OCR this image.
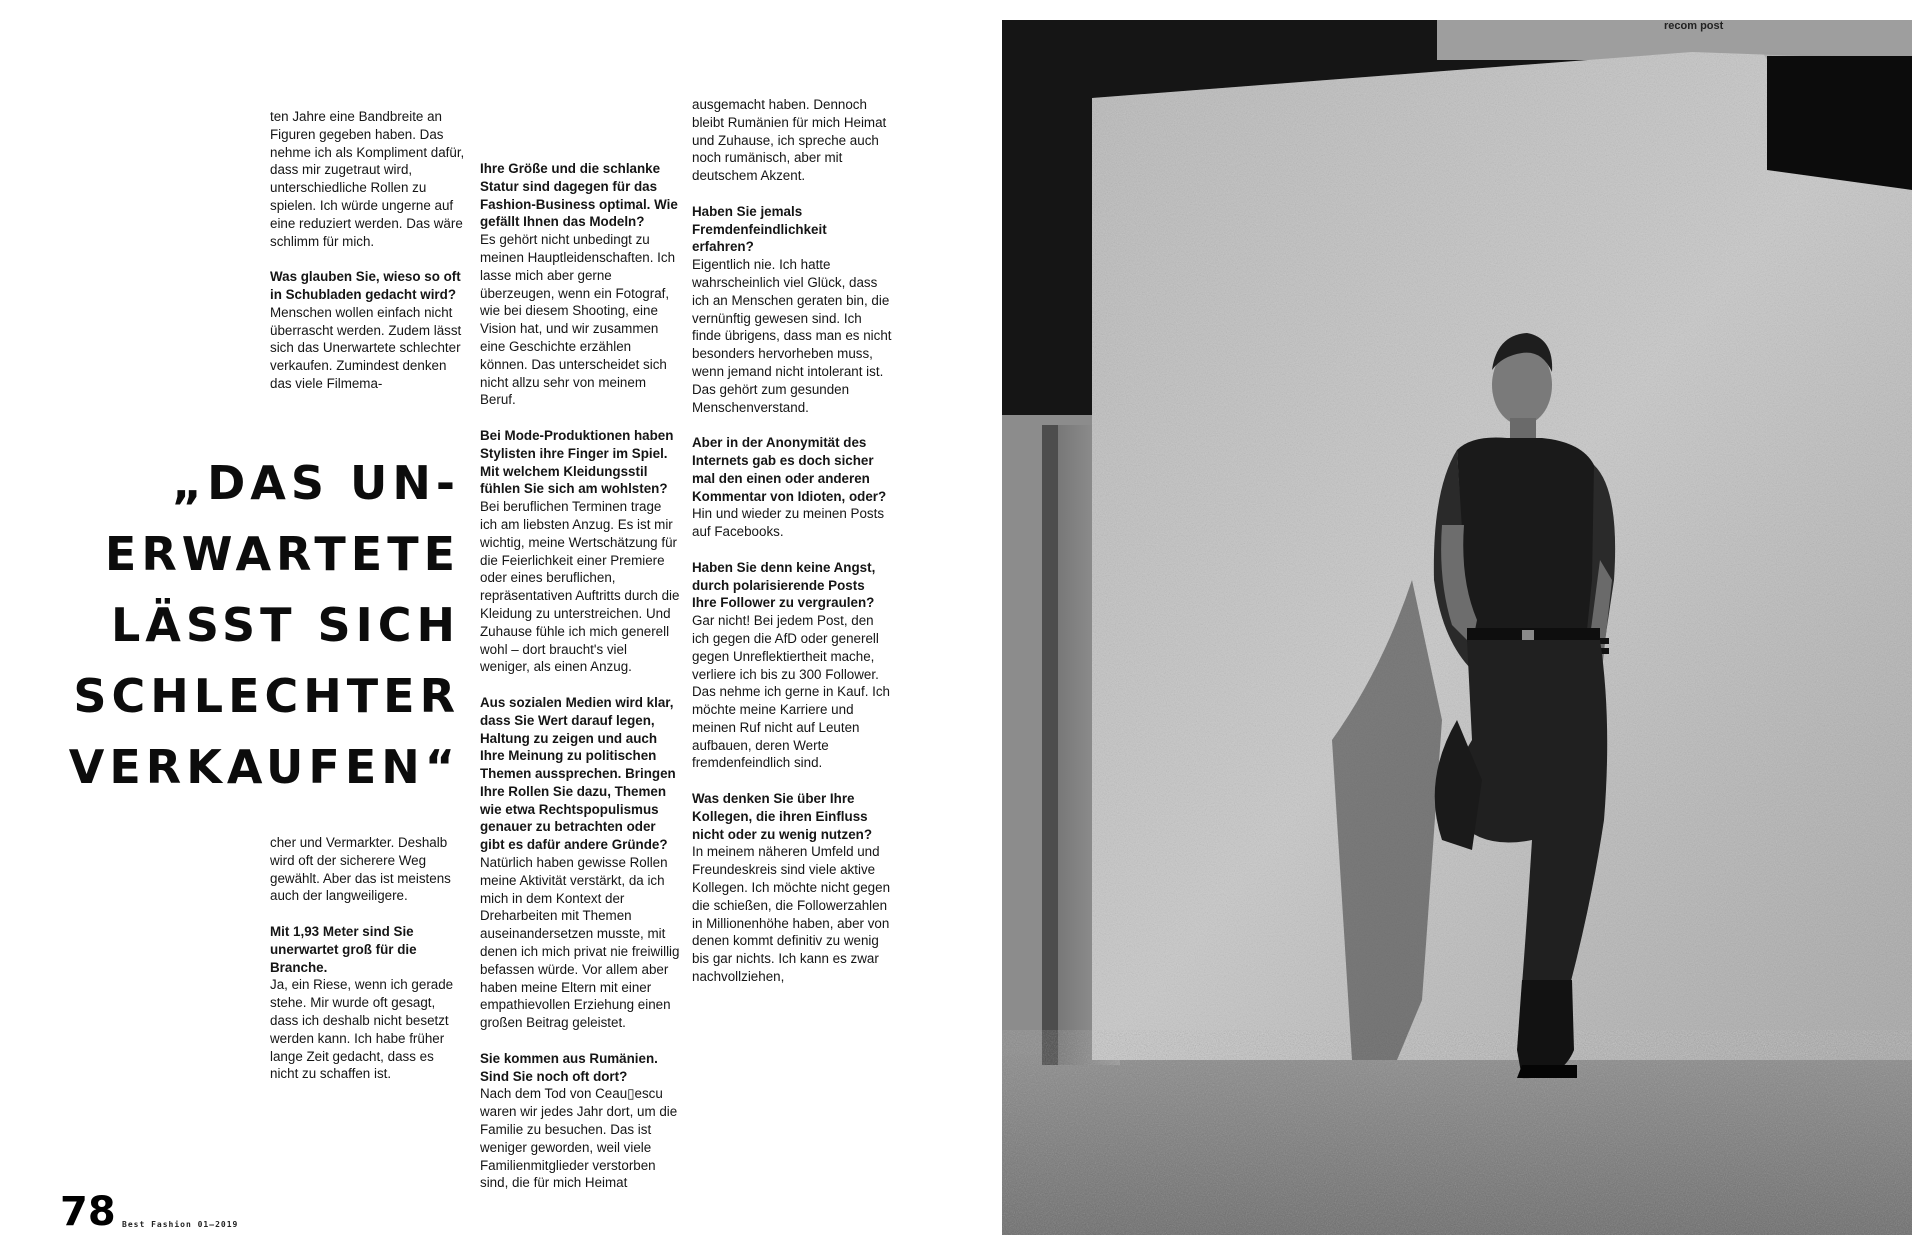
ten Jahre eine Bandbreite an Figuren gegeben haben. Das nehme ich als Kompliment dafür, dass mir zugetraut wird, unterschiedliche Rollen zu spielen. Ich würde ungerne auf eine reduziert werden. Das wäre schlimm für mich.

Was glauben Sie, wieso so oft in Schubladen gedacht wird?
Menschen wollen einfach nicht überrascht werden. Zudem lässt sich das Unerwartete schlechter verkaufen. Zumindest denken das viele Filmema-

„DAS UN-
ERWARTETE
LÄSST SICH
SCHLECHTER
VERKAUFEN“

cher und Vermarkter. Deshalb wird oft der sicherere Weg gewählt. Aber das ist meistens auch der langweiligere.

Mit 1,93 Meter sind Sie unerwartet groß für die Branche.
Ja, ein Riese, wenn ich gerade stehe. Mir wurde oft gesagt, dass ich deshalb nicht besetzt werden kann. Ich habe früher lange Zeit gedacht, dass es nicht zu schaffen ist.

Ihre Größe und die schlanke Statur sind dagegen für das Fashion-Business optimal. Wie gefällt Ihnen das Modeln?
Es gehört nicht unbedingt zu meinen Hauptleidenschaften. Ich lasse mich aber gerne überzeugen, wenn ein Fotograf, wie bei diesem Shooting, eine Vision hat, und wir zusammen eine Geschichte erzählen können. Das unterscheidet sich nicht allzu sehr von meinem Beruf.

Bei Mode-Produktionen haben Stylisten ihre Finger im Spiel. Mit welchem Kleidungsstil fühlen Sie sich am wohlsten?
Bei beruflichen Terminen trage ich am liebsten Anzug. Es ist mir wichtig, meine Wertschätzung für die Feierlichkeit einer Premiere oder eines beruflichen, repräsentativen Auftritts durch die Kleidung zu unterstreichen. Und Zuhause fühle ich mich generell wohl – dort braucht's viel weniger, als einen Anzug.

Aus sozialen Medien wird klar, dass Sie Wert darauf legen, Haltung zu zeigen und auch Ihre Meinung zu politischen Themen aussprechen. Bringen Ihre Rollen Sie dazu, Themen wie etwa Rechtspopulismus genauer zu betrachten oder gibt es dafür andere Gründe?
Natürlich haben gewisse Rollen meine Aktivität verstärkt, da ich mich in dem Kontext der Dreharbeiten mit Themen auseinandersetzen musste, mit denen ich mich privat nie freiwillig befassen würde. Vor allem aber haben meine Eltern mit einer empathievollen Erziehung einen großen Beitrag geleistet.

Sie kommen aus Rumänien. Sind Sie noch oft dort?
Nach dem Tod von Ceau▯escu waren wir jedes Jahr dort, um die Familie zu besuchen. Das ist weniger geworden, weil viele Familienmitglieder verstorben sind, die für mich Heimat

ausgemacht haben. Dennoch bleibt Rumänien für mich Heimat und Zuhause, ich spreche auch noch rumänisch, aber mit deutschem Akzent.

Haben Sie jemals Fremdenfeindlichkeit erfahren?
Eigentlich nie. Ich hatte wahrscheinlich viel Glück, dass ich an Menschen geraten bin, die vernünftig gewesen sind. Ich finde übrigens, dass man es nicht besonders hervorheben muss, wenn jemand nicht intolerant ist. Das gehört zum gesunden Menschenverstand.

Aber in der Anonymität des Internets gab es doch sicher mal den einen oder anderen Kommentar von Idioten, oder?
Hin und wieder zu meinen Posts auf Facebooks.

Haben Sie denn keine Angst, durch polarisierende Posts Ihre Follower zu vergraulen?
Gar nicht! Bei jedem Post, den ich gegen die AfD oder generell gegen Unreflektiertheit mache, verliere ich bis zu 300 Follower. Das nehme ich gerne in Kauf. Ich möchte meine Karriere und meinen Ruf nicht auf Leuten aufbauen, deren Werte fremdenfeindlich sind.

Was denken Sie über Ihre Kollegen, die ihren Einfluss nicht oder zu wenig nutzen?
In meinem näheren Umfeld und Freundeskreis sind viele aktive Kollegen. Ich möchte nicht gegen die schießen, die Followerzahlen in Millionenhöhe haben, aber von denen kommt definitiv zu wenig bis gar nichts. Ich kann es zwar nachvollziehen,

78 Best Fashion 01–2019
recom post
